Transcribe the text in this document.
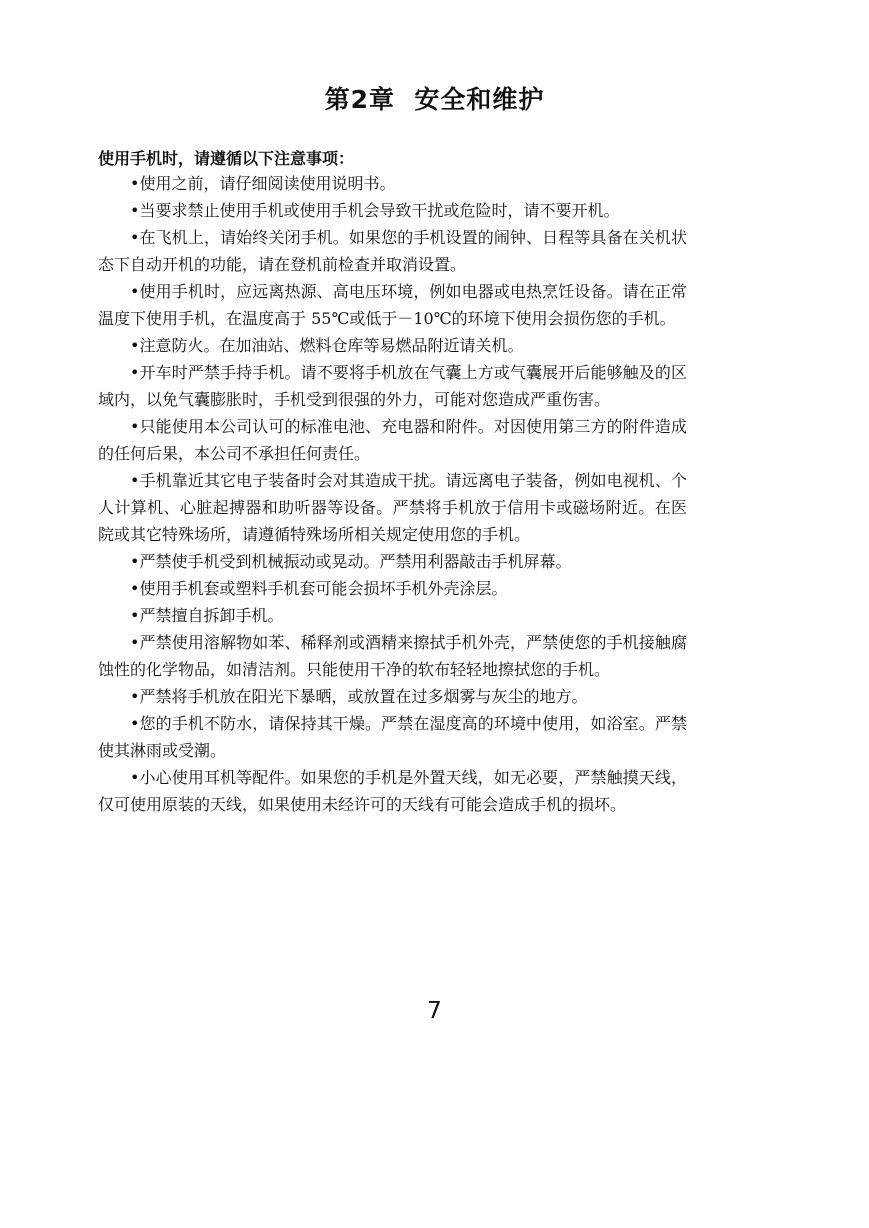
第2章  安全和维护
使用手机时，请遵循以下注意事项：

• 使用之前，请仔细阅读使用说明书。

• 当要求禁止使用手机或使用手机会导致干扰或危险时，请不要开机。

• 在飞机上，请始终关闭手机。如果您的手机设置的闹钟、日程等具备在关机状态下自动开机的功能，请在登机前检查并取消设置。

• 使用手机时，应远离热源、高电压环境，例如电器或电热烹饪设备。请在正常温度下使用手机，在温度高于 55℃或低于－10℃的环境下使用会损伤您的手机。

• 注意防火。在加油站、燃料仓库等易燃品附近请关机。

• 开车时严禁手持手机。请不要将手机放在气囊上方或气囊展开后能够触及的区域内，以免气囊膨胀时，手机受到很强的外力，可能对您造成严重伤害。

• 只能使用本公司认可的标准电池、充电器和附件。对因使用第三方的附件造成的任何后果，本公司不承担任何责任。

• 手机靠近其它电子装备时会对其造成干扰。请远离电子装备，例如电视机、个人计算机、心脏起搏器和助听器等设备。严禁将手机放于信用卡或磁场附近。在医院或其它特殊场所，请遵循特殊场所相关规定使用您的手机。

• 严禁使手机受到机械振动或晃动。严禁用利器敲击手机屏幕。

• 使用手机套或塑料手机套可能会损坏手机外壳涂层。

• 严禁擅自拆卸手机。

• 严禁使用溶解物如苯、稀释剂或酒精来擦拭手机外壳，严禁使您的手机接触腐蚀性的化学物品，如清洁剂。只能使用干净的软布轻轻地擦拭您的手机。

• 严禁将手机放在阳光下暴晒，或放置在过多烟雾与灰尘的地方。

• 您的手机不防水，请保持其干燥。严禁在湿度高的环境中使用，如浴室。严禁使其淋雨或受潮。

• 小心使用耳机等配件。如果您的手机是外置天线，如无必要，严禁触摸天线，仅可使用原装的天线，如果使用未经许可的天线有可能会造成手机的损坏。

7
